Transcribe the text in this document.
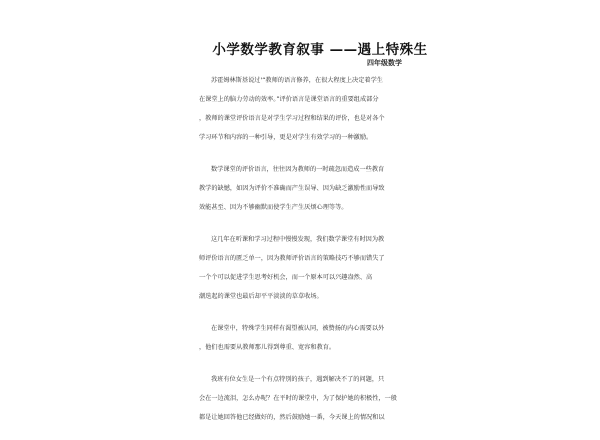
小学数学教育叙事 ——遇上特殊生
四年级数学
苏霍姆林斯基说过'“教师的语言修养，在很大程度上决定着学生
在课堂上的脑力劳动的效率。”评价语言是课堂语言的重要组成部分
，教师的课堂评价语言是对学生学习过程和结果的评价，也是对各个
学习环节和内容的一种引导，更是对学生有效学习的一种激励。
数学课堂的评价语言，往往因为教师的一时疏忽而造成一些教育
教学的缺憾，如因为评价不准确而产生误导、因为缺乏激励性而导致
效能甚至、因为不够幽默而使学生产生厌烦心理等等。
这几年在听课和学习过程中慢慢发现，我们数学课堂有时因为教
师评价语言的匮乏单一，因为教师评价语言的策略技巧不够而错失了
一个个可以促进学生思考好机会，而一个原本可以兴趣盎然、高
潮迭起的课堂也最后却平平淡淡的草草收场。
在课堂中，特殊学生同样有渴望被认同，被赞扬的内心需要以外
，他们也需要从教师那儿得到尊重、宽容和教育。
我班有位女生是一个有点特别的孩子，遇到解决不了的问题，只
会在一边流泪，怎么办呢？在平时的课堂中，为了保护她的积极性，一般
都是让她回答他已经做好的，然后鼓励她一番，今天课上的情况和以
